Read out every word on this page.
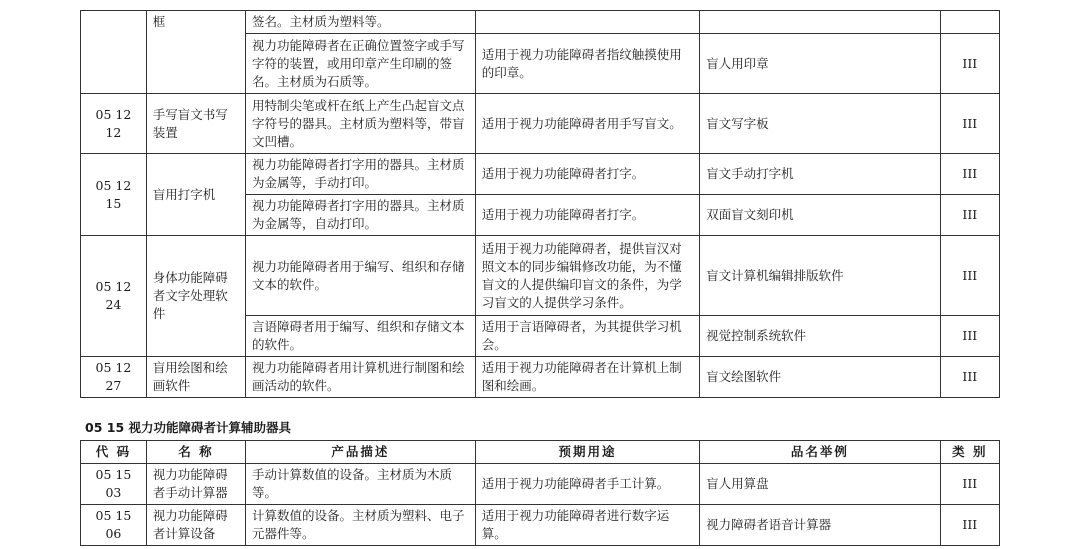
	框	签名。主材质为塑料等。			
		视力功能障碍者在正确位置签字或手写字符的装置，或用印章产生印刷的签名。主材质为石质等。	适用于视力功能障碍者指纹触摸使用的印章。	盲人用印章	III
05 12 12	手写盲文书写装置	用特制尖笔或杆在纸上产生凸起盲文点字符号的器具。主材质为塑料等，带盲文凹槽。	适用于视力功能障碍者用手写盲文。	盲文写字板	III
05 12 15	盲用打字机	视力功能障碍者打字用的器具。主材质为金属等，手动打印。	适用于视力功能障碍者打字。	盲文手动打字机	III
		视力功能障碍者打字用的器具。主材质为金属等，自动打印。	适用于视力功能障碍者打字。	双面盲文刻印机	III
05 12 24	身体功能障碍者文字处理软件	视力功能障碍者用于编写、组织和存储文本的软件。	适用于视力功能障碍者，提供盲汉对照文本的同步编辑修改功能，为不懂盲文的人提供编印盲文的条件，为学习盲文的人提供学习条件。	盲文计算机编辑排版软件	III
		言语障碍者用于编写、组织和存储文本的软件。	适用于言语障碍者，为其提供学习机会。	视觉控制系统软件	III
05 12 27	盲用绘图和绘画软件	视力功能障碍者用计算机进行制图和绘画活动的软件。	适用于视力功能障碍者在计算机上制图和绘画。	盲文绘图软件	III
05 15 视力功能障碍者计算辅助器具
代 码	名 称	产品描述	预期用途	品名举例	类 别
05 15 03	视力功能障碍者手动计算器	手动计算数值的设备。主材质为木质等。	适用于视力功能障碍者手工计算。	盲人用算盘	III
05 15 06	视力功能障碍者计算设备	计算数值的设备。主材质为塑料、电子元器件等。	适用于视力功能障碍者进行数字运算。	视力障碍者语音计算器	III
